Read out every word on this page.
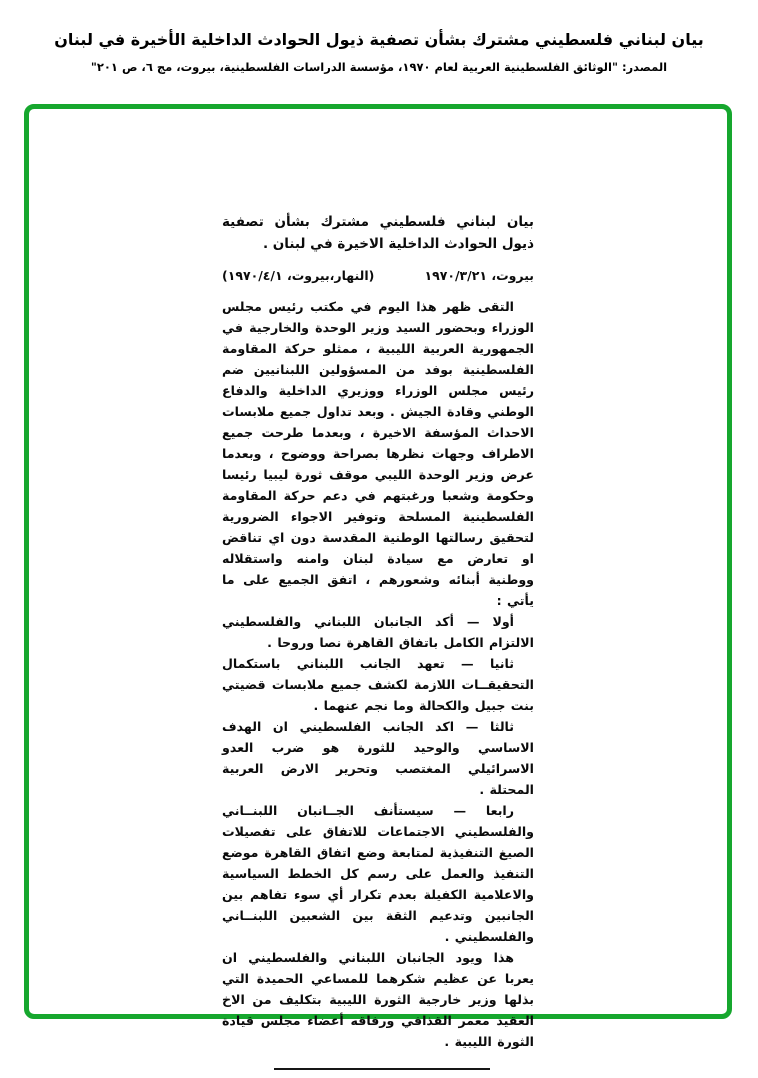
بيان لبناني فلسطيني مشترك بشأن تصفية ذيول الحوادث الداخلية الأخيرة في لبنان
المصدر: "الوثائق الفلسطينية العربية لعام ١٩٧٠، مؤسسة الدراسات الفلسطينية، بيروت، مج ٦، ص ٢٠١"
بيان لبناني فلسطيني مشترك بشأن تصفية ذيول الحوادث الداخلية الاخيرة في لبنان .
بيروت، ١٩٧٠/٣/٢١
(النهار،بيروت، ١٩٧٠/٤/١)

التقى ظهر هذا اليوم في مكتب رئيس مجلس الوزراء وبحضور السيد وزير الوحدة والخارجية في الجمهورية العربية الليبية ، ممثلو حركة المقاومة الفلسطينية بوفد من المسؤولين اللبنانيين ضم رئيس مجلس الوزراء ووزيري الداخلية والدفاع الوطني وقادة الجيش . وبعد تداول جميع ملابسات الاحداث المؤسفة الاخيرة ، وبعدما طرحت جميع الاطراف وجهات نظرها بصراحة ووضوح ، وبعدما عرض وزير الوحدة الليبي موقف ثورة ليبيا رئيسا وحكومة وشعبا ورغبتهم في دعم حركة المقاومة الفلسطينية المسلحة وتوفير الاجواء الضرورية لتحقيق رسالتها الوطنية المقدسة دون اي تناقض او تعارض مع سيادة لبنان وامنه واستقلاله ووطنية أبنائه وشعورهم ، اتفق الجميع على ما يأتي :

أولا — أكد الجانبان اللبناني والفلسطيني الالتزام الكامل باتفاق القاهرة نصا وروحا .

ثانيا — تعهد الجانب اللبناني باستكمال التحقيقــات اللازمة لكشف جميع ملابسات قضيتي بنت جبيل والكحالة وما نجم عنهما .

ثالثا — اكد الجانب الفلسطيني ان الهدف الاساسي والوحيد للثورة هو ضرب العدو الاسرائيلي المغتصب وتحرير الارض العربية المحتلة .

رابعا — سيستأنف الجــانبان اللبنــاني والفلسطيني الاجتماعات للاتفاق على تفصيلات الصيغ التنفيذية لمتابعة وضع اتفاق القاهرة موضع التنفيذ والعمل على رسم كل الخطط السياسية والاعلامية الكفيلة بعدم تكرار أي سوء تفاهم بين الجانبين وتدعيم الثقة بين الشعبين اللبنــاني والفلسطيني .

هذا ويود الجانبان اللبناني والفلسطيني ان يعربا عن عظيم شكرهما للمساعي الحميدة التي بذلها وزير خارجية الثورة الليبية بتكليف من الاخ العقيد معمر القذافي ورفاقه أعضاء مجلس قيادة الثورة الليبية .
